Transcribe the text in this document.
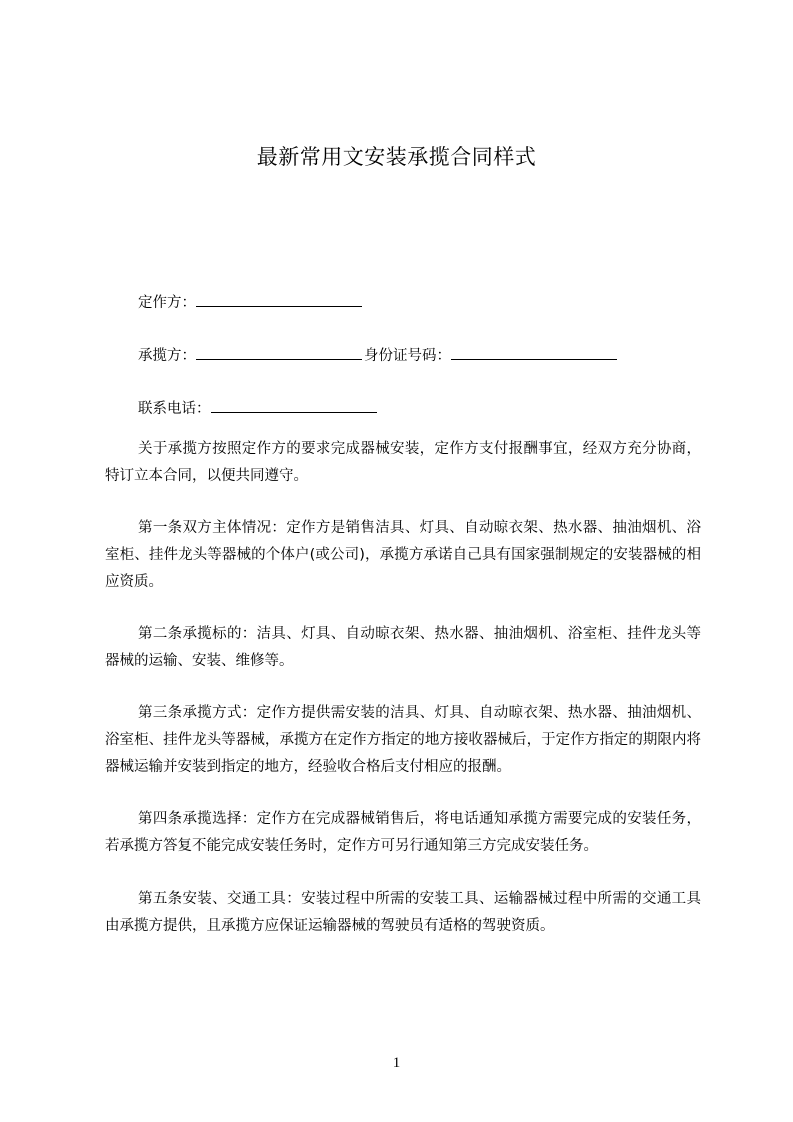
最新常用文安装承揽合同样式
定作方：
承揽方：	身份证号码：
联系电话：

关于承揽方按照定作方的要求完成器械安装，定作方支付报酬事宜，经双方充分协商，特订立本合同，以便共同遵守。

第一条双方主体情况：定作方是销售洁具、灯具、自动晾衣架、热水器、抽油烟机、浴室柜、挂件龙头等器械的个体户(或公司)，承揽方承诺自己具有国家强制规定的安装器械的相应资质。

第二条承揽标的：洁具、灯具、自动晾衣架、热水器、抽油烟机、浴室柜、挂件龙头等器械的运输、安装、维修等。

第三条承揽方式：定作方提供需安装的洁具、灯具、自动晾衣架、热水器、抽油烟机、浴室柜、挂件龙头等器械，承揽方在定作方指定的地方接收器械后，于定作方指定的期限内将器械运输并安装到指定的地方，经验收合格后支付相应的报酬。

第四条承揽选择：定作方在完成器械销售后，将电话通知承揽方需要完成的安装任务，若承揽方答复不能完成安装任务时，定作方可另行通知第三方完成安装任务。

第五条安装、交通工具：安装过程中所需的安装工具、运输器械过程中所需的交通工具由承揽方提供，且承揽方应保证运输器械的驾驶员有适格的驾驶资质。

1
